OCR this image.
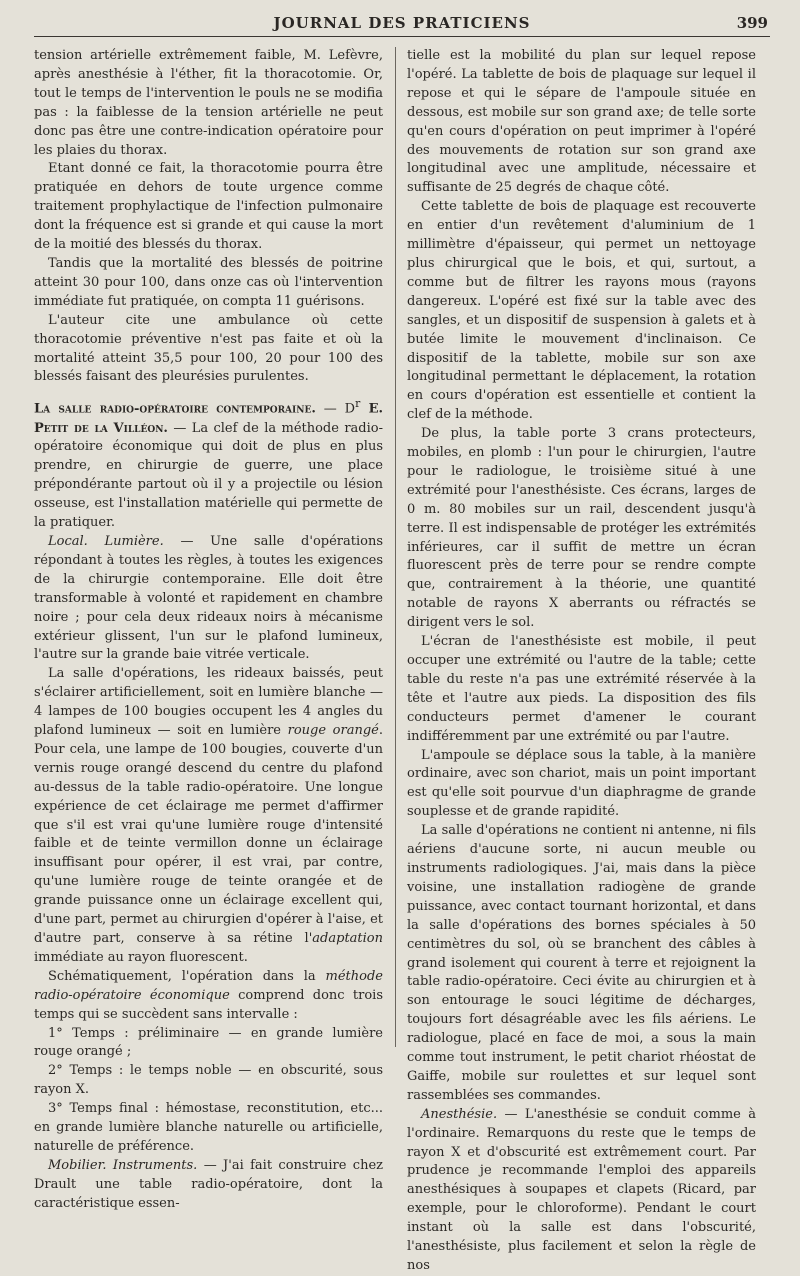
JOURNAL DES PRATICIENS	399

tension artérielle extrêmement faible, M. Lefèvre, après anesthésie à l'éther, fit la thoracotomie. Or, tout le temps de l'intervention le pouls ne se modifia pas : la faiblesse de la tension artérielle ne peut donc pas être une contre-indication opératoire pour les plaies du thorax.

Etant donné ce fait, la thoracotomie pourra être pratiquée en dehors de toute urgence comme traitement prophylactique de l'infection pulmonaire dont la fréquence est si grande et qui cause la mort de la moitié des blessés du thorax.

Tandis que la mortalité des blessés de poitrine atteint 30 pour 100, dans onze cas où l'intervention immédiate fut pratiquée, on compta 11 guérisons.

L'auteur cite une ambulance où cette thoracotomie préventive n'est pas faite et où la mortalité atteint 35,5 pour 100, 20 pour 100 des blessés faisant des pleurésies purulentes.

La salle radio-opératoire contemporaine. — $D^r$ E. Petit de la Villéon. — La clef de la méthode radio-opératoire économique qui doit de plus en plus prendre, en chirurgie de guerre, une place prépondérante partout où il y a projectile ou lésion osseuse, est l'installation matérielle qui permette de la pratiquer.

Local. Lumière. — Une salle d'opérations répondant à toutes les règles, à toutes les exigences de la chirurgie contemporaine. Elle doit être transformable à volonté et rapidement en chambre noire ; pour cela deux rideaux noirs à mécanisme extérieur glissent, l'un sur le plafond lumineux, l'autre sur la grande baie vitrée verticale.

La salle d'opérations, les rideaux baissés, peut s'éclairer artificiellement, soit en lumière blanche — 4 lampes de 100 bougies occupent les 4 angles du plafond lumineux — soit en lumière rouge orangé. Pour cela, une lampe de 100 bougies, couverte d'un vernis rouge orangé descend du centre du plafond au-dessus de la table radio-opératoire. Une longue expérience de cet éclairage me permet d'affirmer que s'il est vrai qu'une lumière rouge d'intensité faible et de teinte vermillon donne un éclairage insuffisant pour opérer, il est vrai, par contre, qu'une lumière rouge de teinte orangée et de grande puissance onne un éclairage excellent qui, d'une part, permet au chirurgien d'opérer à l'aise, et d'autre part, conserve à sa rétine l'adaptation immédiate au rayon fluorescent.

Schématiquement, l'opération dans la méthode radio-opératoire économique comprend donc trois temps qui se succèdent sans intervalle :

1° Temps : préliminaire — en grande lumière rouge orangé ;

2° Temps : le temps noble — en obscurité, sous rayon X.

3° Temps final : hémostase, reconstitution, etc... en grande lumière blanche naturelle ou artificielle, naturelle de préférence.

Mobilier. Instruments. — J'ai fait construire chez Drault une table radio-opératoire, dont la caractéristique essen-

tielle est la mobilité du plan sur lequel repose l'opéré. La tablette de bois de plaquage sur lequel il repose et qui le sépare de l'ampoule située en dessous, est mobile sur son grand axe; de telle sorte qu'en cours d'opération on peut imprimer à l'opéré des mouvements de rotation sur son grand axe longitudinal avec une amplitude, nécessaire et suffisante de 25 degrés de chaque côté.

Cette tablette de bois de plaquage est recouverte en entier d'un revêtement d'aluminium de 1 millimètre d'épaisseur, qui permet un nettoyage plus chirurgical que le bois, et qui, surtout, a comme but de filtrer les rayons mous (rayons dangereux. L'opéré est fixé sur la table avec des sangles, et un dispositif de suspension à galets et à butée limite le mouvement d'inclinaison. Ce dispositif de la tablette, mobile sur son axe longitudinal permettant le déplacement, la rotation en cours d'opération est essentielle et contient la clef de la méthode.

De plus, la table porte 3 crans protecteurs, mobiles, en plomb : l'un pour le chirurgien, l'autre pour le radiologue, le troisième situé à une extrémité pour l'anesthésiste. Ces écrans, larges de 0 m. 80 mobiles sur un rail, descendent jusqu'à terre. Il est indispensable de protéger les extrémités inférieures, car il suffit de mettre un écran fluorescent près de terre pour se rendre compte que, contrairement à la théorie, une quantité notable de rayons X aberrants ou réfractés se dirigent vers le sol.

L'écran de l'anesthésiste est mobile, il peut occuper une extrémité ou l'autre de la table; cette table du reste n'a pas une extrémité réservée à la tête et l'autre aux pieds. La disposition des fils conducteurs permet d'amener le courant indifféremment par une extrémité ou par l'autre.

L'ampoule se déplace sous la table, à la manière ordinaire, avec son chariot, mais un point important est qu'elle soit pourvue d'un diaphragme de grande souplesse et de grande rapidité.

La salle d'opérations ne contient ni antenne, ni fils aériens d'aucune sorte, ni aucun meuble ou instruments radiologiques. J'ai, mais dans la pièce voisine, une installation radiogène de grande puissance, avec contact tournant horizontal, et dans la salle d'opérations des bornes spéciales à 50 centimètres du sol, où se branchent des câbles à grand isolement qui courent à terre et rejoignent la table radio-opératoire. Ceci évite au chirurgien et à son entourage le souci légitime de décharges, toujours fort désagréable avec les fils aériens. Le radiologue, placé en face de moi, a sous la main comme tout instrument, le petit chariot rhéostat de Gaiffe, mobile sur roulettes et sur lequel sont rassemblées ses commandes.

Anesthésie. — L'anesthésie se conduit comme à l'ordinaire. Remarquons du reste que le temps de rayon X et d'obscurité est extrêmement court. Par prudence je recommande l'emploi des appareils anesthésiques à soupapes et clapets (Ricard, par exemple, pour le chloroforme). Pendant le court instant où la salle est dans l'obscurité, l'anesthésiste, plus facilement et selon la règle de nos
